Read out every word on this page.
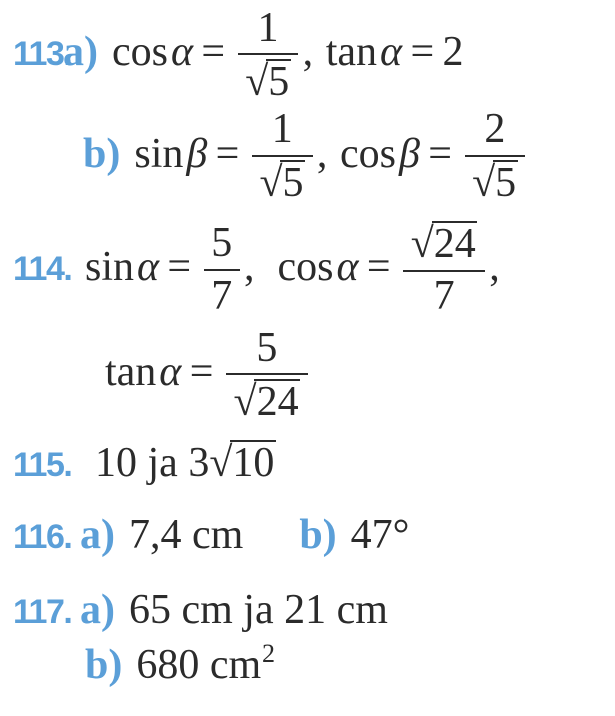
113.a) $\cos\alpha = \frac{1}{√5}$ , tanα = 2
b) $\sin\beta = \frac{1}{√5}$ , $\cos\beta = \frac{2}{√5}$
114. $\sin\alpha = \frac{5}{7}$ , $\cos\alpha = \frac{√24}{7}$ ,
$\tan\alpha = \frac{5}{√24}$
115. 10 ja 3√10
116. a) 7,4 cm b) 47°
117. a) 65 cm ja 21 cm
b) 680 $cm^2$
